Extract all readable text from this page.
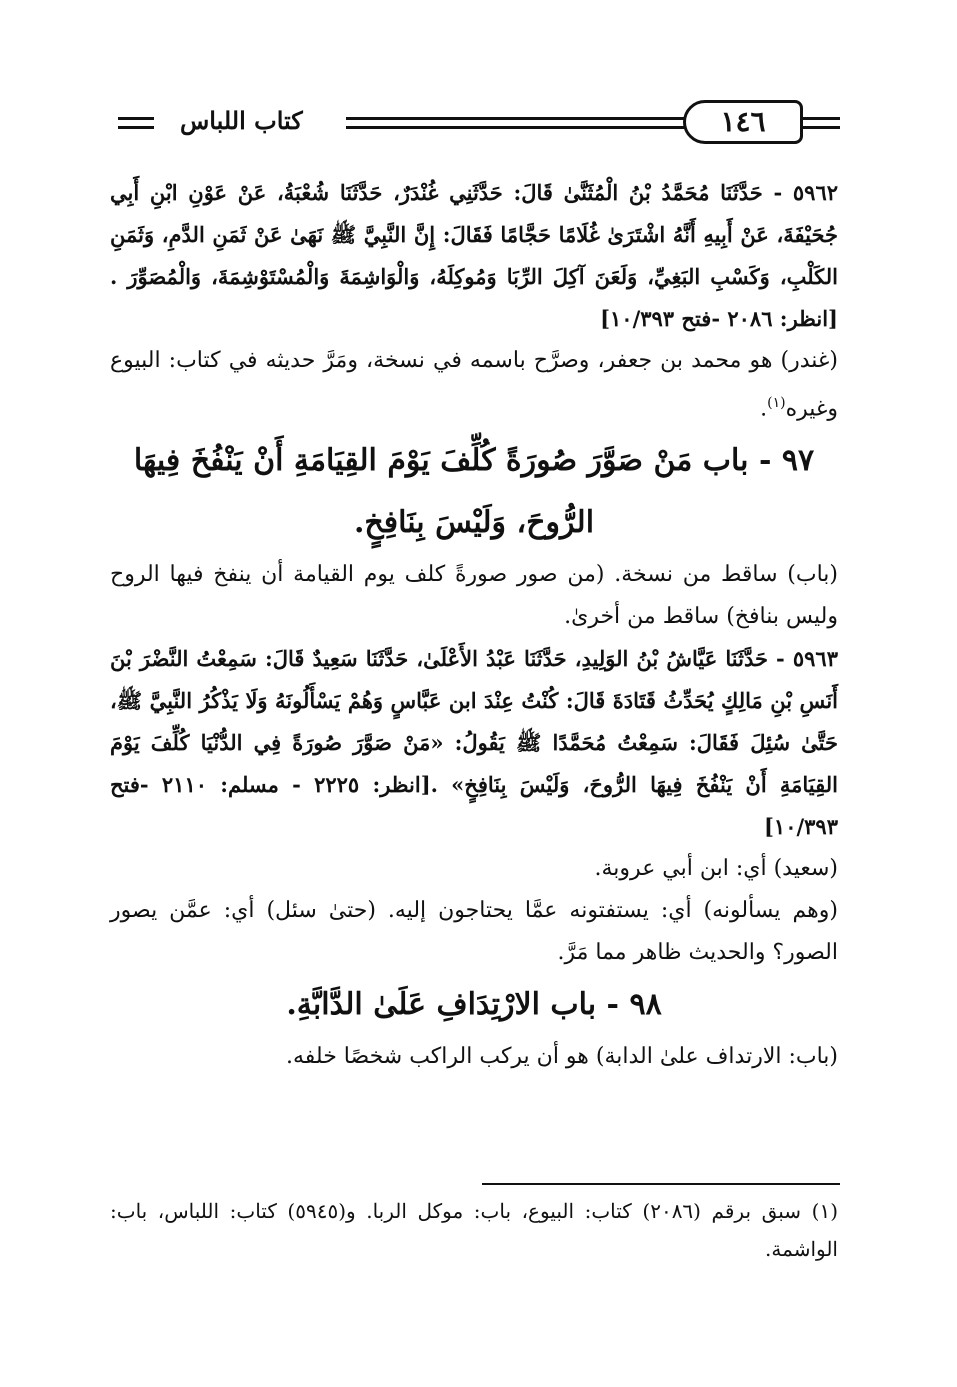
كتاب اللباس	١٤٦

٥٩٦٢ - حَدَّثَنَا مُحَمَّدُ بْنُ الْمُثَنَّىٰ قَالَ: حَدَّثَنِي غُنْدَرٌ، حَدَّثَنَا شُعْبَةُ، عَنْ عَوْنِ ابْنِ أَبِي جُحَيْفَةَ، عَنْ أَبِيهِ أَنَّهُ اشْتَرَىٰ غُلَامًا حَجَّامًا فَقَالَ: إِنَّ النَّبِيَّ ﷺ نَهَىٰ عَنْ ثَمَنِ الدَّمِ، وَثَمَنِ الكَلْبِ، وَكَسْبِ البَغِيِّ، وَلَعَنَ آكِلَ الرِّبَا وَمُوكِلَهُ، وَالْوَاشِمَةَ وَالْمُسْتَوْشِمَةَ، وَالْمُصَوِّرَ .[انظر: ٢٠٨٦ -فتح ١٠/٣٩٣]

(غندر) هو محمد بن جعفر، وصرَّح باسمه في نسخة، ومَرَّ حديثه في كتاب: البيوع وغيره$^{(١)}$.

٩٧ - باب مَنْ صَوَّرَ صُورَةً كُلِّفَ يَوْمَ القِيَامَةِ أَنْ يَنْفُخَ فِيهَا الرُّوحَ، وَلَيْسَ بِنَافِخٍ.

(باب) ساقط من نسخة. (من صور صورةً كلف يوم القيامة أن ينفخ فيها الروح وليس بنافخ) ساقط من أخرىٰ.

٥٩٦٣ - حَدَّثَنَا عَيَّاشُ بْنُ الوَلِيدِ، حَدَّثَنَا عَبْدُ الأَعْلَىٰ، حَدَّثَنَا سَعِيدٌ قَالَ: سَمِعْتُ النَّضْرَ بْنَ أَنَسِ بْنِ مَالِكٍ يُحَدِّثُ قَتَادَةَ قَالَ: كُنْتُ عِنْدَ ابن عَبَّاسٍ وَهُمْ يَسْأَلُونَهُ وَلَا يَذْكُرُ النَّبِيَّ ﷺ، حَتَّىٰ سُئِلَ فَقَالَ: سَمِعْتُ مُحَمَّدًا ﷺ يَقُولُ: «مَنْ صَوَّرَ صُورَةً فِي الدُّنْيَا كُلِّفَ يَوْمَ القِيَامَةِ أَنْ يَنْفُخَ فِيهَا الرُّوحَ، وَلَيْسَ بِنَافِخٍ» .[انظر: ٢٢٢٥ - مسلم: ٢١١٠ -فتح ١٠/٣٩٣]

(سعيد) أي: ابن أبي عروبة.

(وهم يسألونه) أي: يستفتونه عمَّا يحتاجون إليه. (حتىٰ سئل) أي: عمَّن يصور الصور؟ والحديث ظاهر مما مَرَّ.

٩٨ - باب الارْتِدَافِ عَلَىٰ الدَّابَّةِ.

(باب: الارتداف علىٰ الدابة) هو أن يركب الراكب شخصًا خلفه.

(١) سبق برقم (٢٠٨٦) كتاب: البيوع، باب: موكل الربا. و(٥٩٤٥) كتاب: اللباس، باب: الواشمة.
